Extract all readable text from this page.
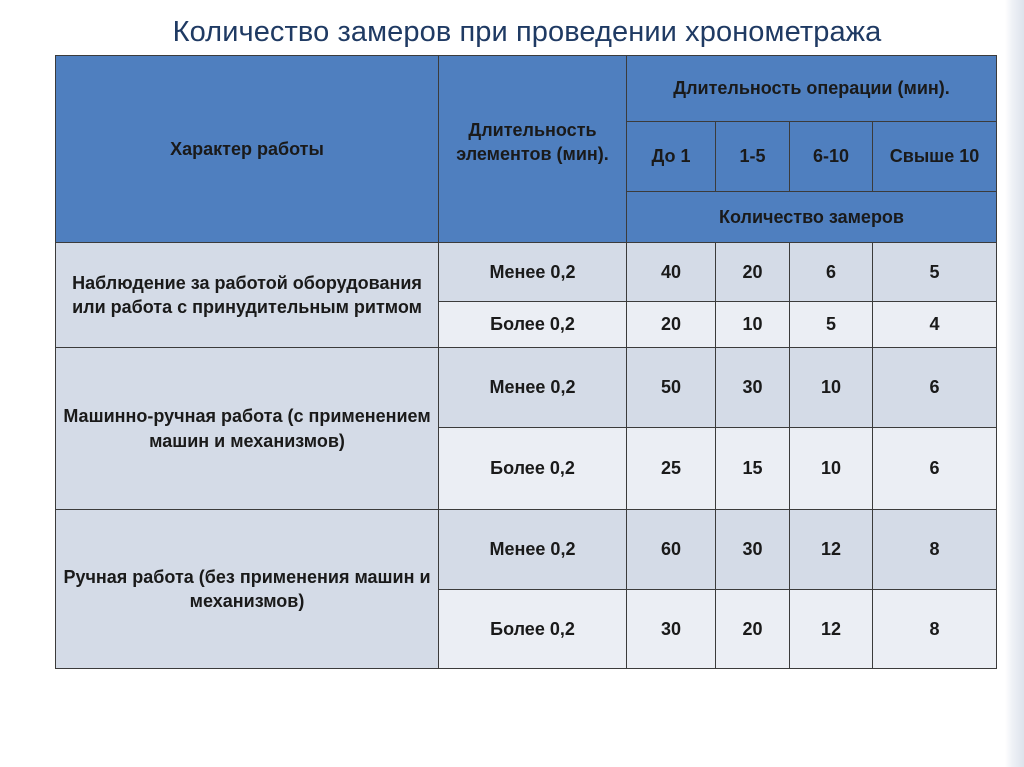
Количество замеров при проведении хронометража
Характер работы	Длительность элементов (мин).	Длительность операции (мин).			
		До 1	1-5	6-10	Свыше 10
		Количество замеров			
Наблюдение за работой оборудования или работа с принудительным ритмом	Менее 0,2	40	20	6	5
	Более 0,2	20	10	5	4
Машинно-ручная работа (с применением машин и механизмов)	Менее 0,2	50	30	10	6
	Более 0,2	25	15	10	6
Ручная работа (без применения машин и механизмов)	Менее 0,2	60	30	12	8
	Более 0,2	30	20	12	8
